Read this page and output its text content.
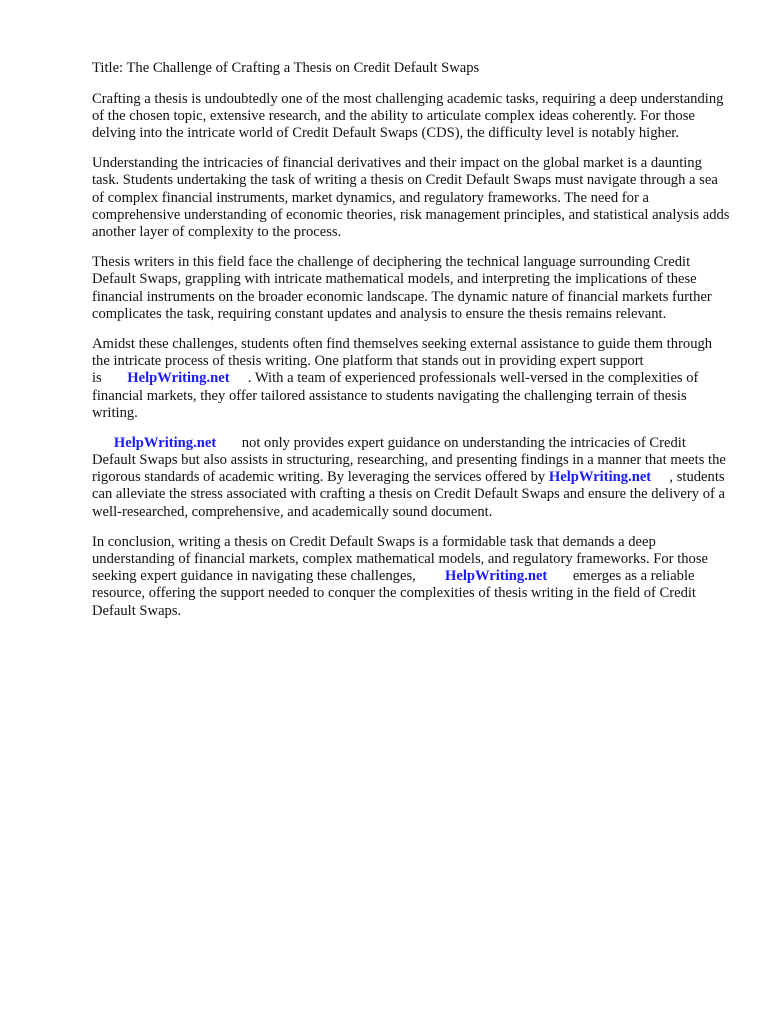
Title: The Challenge of Crafting a Thesis on Credit Default Swaps

Crafting a thesis is undoubtedly one of the most challenging academic tasks, requiring a deep understanding of the chosen topic, extensive research, and the ability to articulate complex ideas coherently. For those delving into the intricate world of Credit Default Swaps (CDS), the difficulty level is notably higher.

Understanding the intricacies of financial derivatives and their impact on the global market is a daunting task. Students undertaking the task of writing a thesis on Credit Default Swaps must navigate through a sea of complex financial instruments, market dynamics, and regulatory frameworks. The need for a comprehensive understanding of economic theories, risk management principles, and statistical analysis adds another layer of complexity to the process.

Thesis writers in this field face the challenge of deciphering the technical language surrounding Credit Default Swaps, grappling with intricate mathematical models, and interpreting the implications of these financial instruments on the broader economic landscape. The dynamic nature of financial markets further complicates the task, requiring constant updates and analysis to ensure the thesis remains relevant.

Amidst these challenges, students often find themselves seeking external assistance to guide them through the intricate process of thesis writing. One platform that stands out in providing expert support is HelpWriting.net . With a team of experienced professionals well-versed in the complexities of financial markets, they offer tailored assistance to students navigating the challenging terrain of thesis writing.

HelpWriting.net not only provides expert guidance on understanding the intricacies of Credit Default Swaps but also assists in structuring, researching, and presenting findings in a manner that meets the rigorous standards of academic writing. By leveraging the services offered by HelpWriting.net , students can alleviate the stress associated with crafting a thesis on Credit Default Swaps and ensure the delivery of a well-researched, comprehensive, and academically sound document.

In conclusion, writing a thesis on Credit Default Swaps is a formidable task that demands a deep understanding of financial markets, complex mathematical models, and regulatory frameworks. For those seeking expert guidance in navigating these challenges, HelpWriting.net emerges as a reliable resource, offering the support needed to conquer the complexities of thesis writing in the field of Credit Default Swaps.
